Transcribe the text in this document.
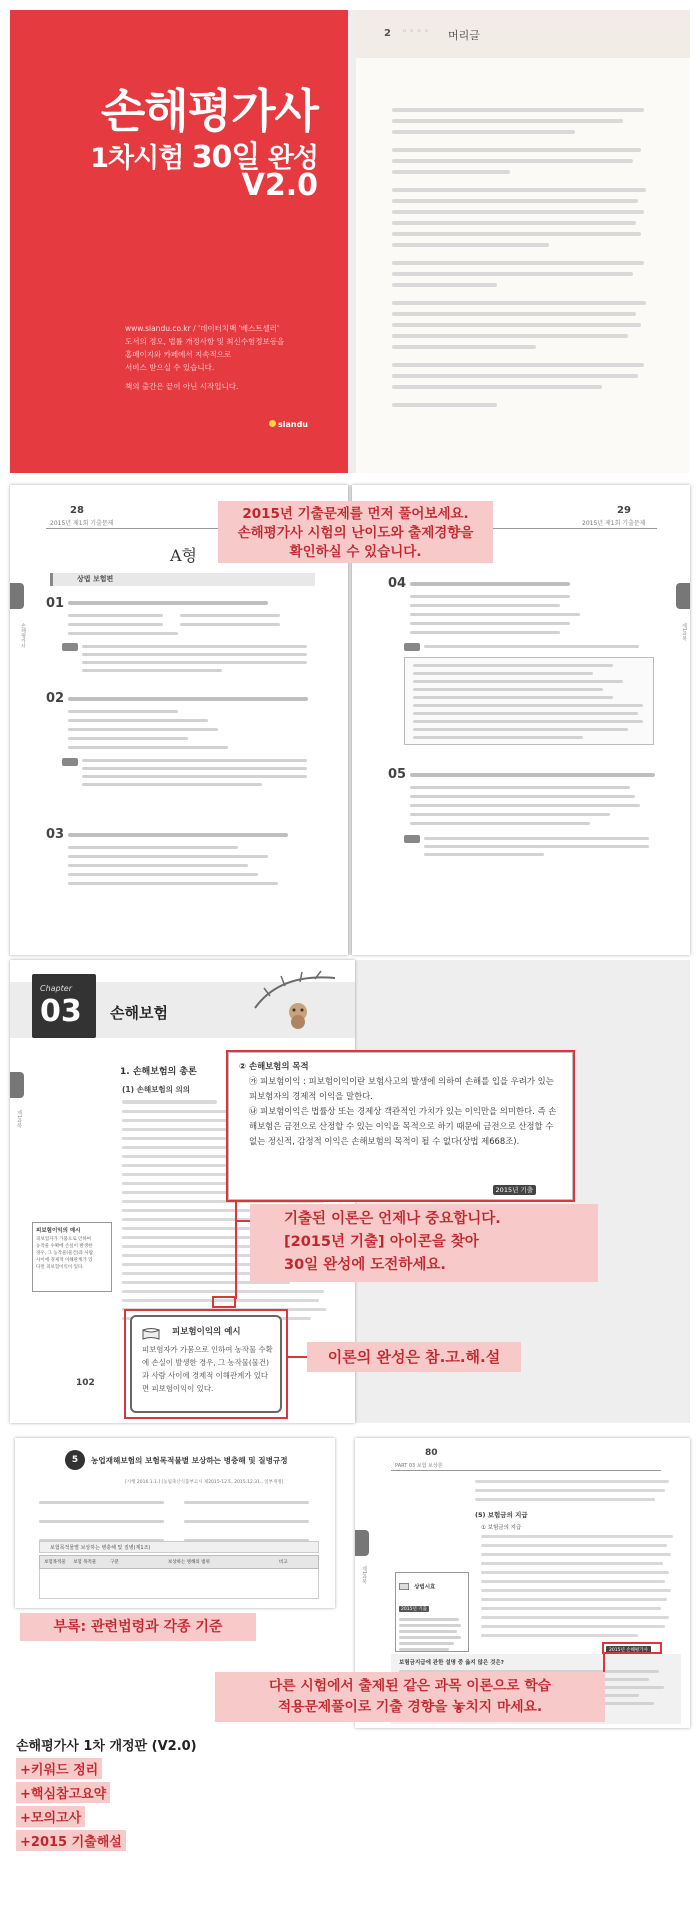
손해평가사
1차시험 30일 완성
V2.0
www.siandu.co.kr / '데이터치백 '베스트셀러'
도서의 정오, 법률 개정사항 및 최신수험정보등을
홈페이지와 카페에서 지속적으로
서비스 받으실 수 있습니다.
책의 출간은 끝이 아닌 시작입니다.
siandu
2 ◦◦◦◦ 머리글
28
2015년 제1회 기출문제
A형
손해평가사
상법 보험편
01
02
03
29
2015년 제1회 기출문제
제1과목
04
05
2015년 기출문제를 먼저 풀어보세요.
손해평가사 시험의 난이도와 출제경향을
확인하실 수 있습니다.
Chapter
03 손해보험
제1과목
1. 손해보험의 총론
(1) 손해보험의 의의
피보험이익의 예시
피보험자가 가뭄으로 인하여
농작물 수확에 손실이 발생한
경우, 그 농작물(물건)과 사람
사이에 경제적 이해관계가 있
다면 피보험이익이 있다.
102
② 손해보험의 목적
㉮ 피보험이익 : 피보험이익이란 보험사고의 발생에 의하여 손해를 입을 우려가 있는 피보험자의 경제적 이익을 말한다.
㉯ 피보험이익은 법률상 또는 경제상 객관적인 가치가 있는 이익만을 의미한다. 즉 손해보험은 금전으로 산정할 수 있는 이익을 목적으로 하기 때문에 금전으로 산정할 수 없는 정신적, 감정적 이익은 손해보험의 목적이 될 수 없다(상법 제668조).
2015년 기출
기출된 이론은 언제나 중요합니다.
[2015년 기출] 아이콘을 찾아
30일 완성에 도전하세요.
피보험이익의 예시
피보험자가 가뭄으로 인하여 농작물 수확에 손실이 발생한 경우, 그 농작물(물건)과 사람 사이에 경제적 이해관계가 있다면 피보험이익이 있다.
이론의 완성은 참.고.해.설
5	농업재해보험의 보험목적물별 보상하는 병충해 및 질병규정
[시행 2016.1.1.] [농림축산식품부고시 제2015-12호, 2015.12.31., 일부개정]

보험목적물별 보상하는 병충해 및 질병(제1조)
보험목적물	보험 목적물	구분	보상하는 병해의 범위	비고
80
PART 03 보험 보상론
제1과목
(5) 보험금의 지급
① 보험금의 지급
상법시효 2015년 기출
2015년 손해평가사
보험금지급에 관한 설명 중 옳지 않은 것은?
부록: 관련법령과 각종 기준
다른 시험에서 출제된 같은 과목 이론으로 학습
적용문제풀이로 기출 경향을 놓치지 마세요.
손해평가사 1차 개정판 (V2.0)
+키워드 정리
+핵심참고요약
+모의고사
+2015 기출해설
